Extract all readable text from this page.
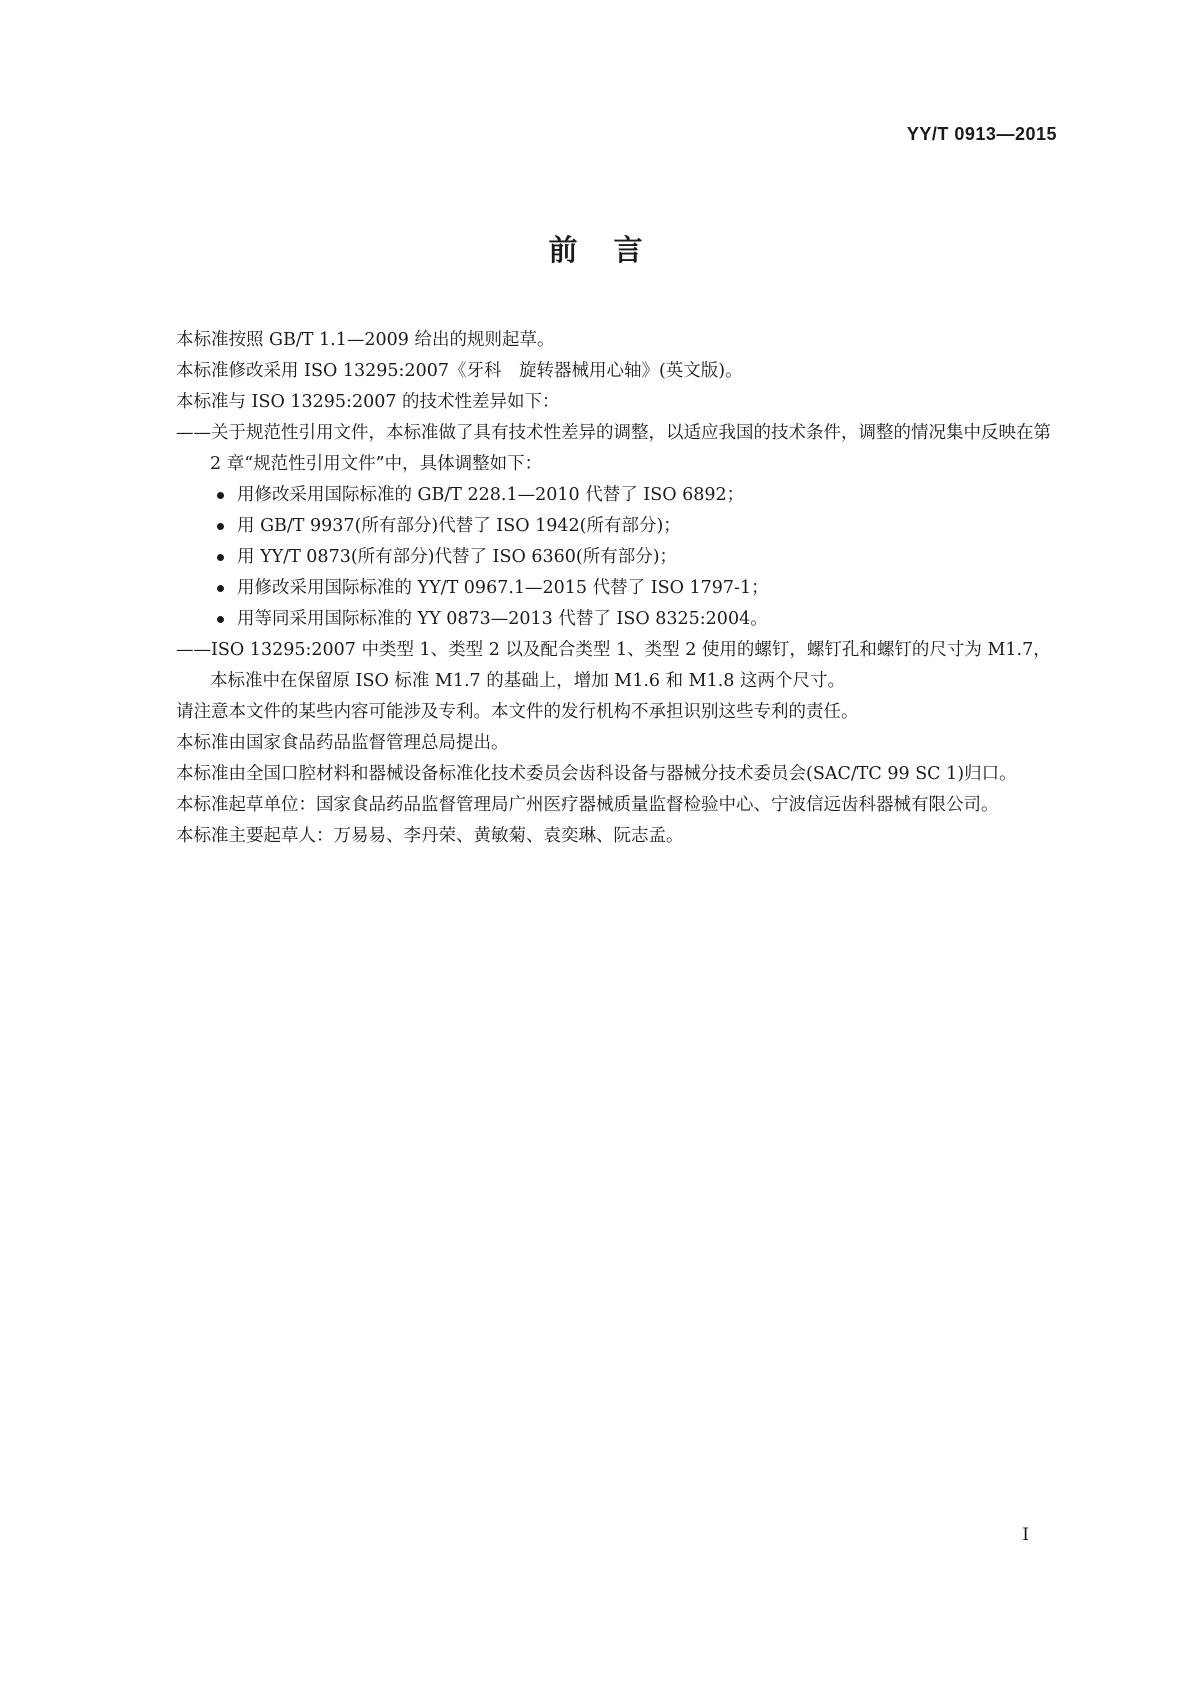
YY/T 0913—2015
前言

本标准按照 GB/T 1.1—2009 给出的规则起草。

本标准修改采用 ISO 13295:2007《牙科　旋转器械用心轴》(英文版)。

本标准与 ISO 13295:2007 的技术性差异如下：

——关于规范性引用文件，本标准做了具有技术性差异的调整，以适应我国的技术条件，调整的情况集中反映在第 2 章“规范性引用文件”中，具体调整如下：

用修改采用国际标准的 GB/T 228.1—2010 代替了 ISO 6892；
用 GB/T 9937(所有部分)代替了 ISO 1942(所有部分)；
用 YY/T 0873(所有部分)代替了 ISO 6360(所有部分)；
用修改采用国际标准的 YY/T 0967.1—2015 代替了 ISO 1797-1；
用等同采用国际标准的 YY 0873—2013 代替了 ISO 8325:2004。

——ISO 13295:2007 中类型 1、类型 2 以及配合类型 1、类型 2 使用的螺钉，螺钉孔和螺钉的尺寸为 M1.7，本标准中在保留原 ISO 标准 M1.7 的基础上，增加 M1.6 和 M1.8 这两个尺寸。

请注意本文件的某些内容可能涉及专利。本文件的发行机构不承担识别这些专利的责任。

本标准由国家食品药品监督管理总局提出。

本标准由全国口腔材料和器械设备标准化技术委员会齿科设备与器械分技术委员会(SAC/TC 99 SC 1)归口。

本标准起草单位：国家食品药品监督管理局广州医疗器械质量监督检验中心、宁波信远齿科器械有限公司。

本标准主要起草人：万易易、李丹荣、黄敏菊、袁奕琳、阮志孟。

I
